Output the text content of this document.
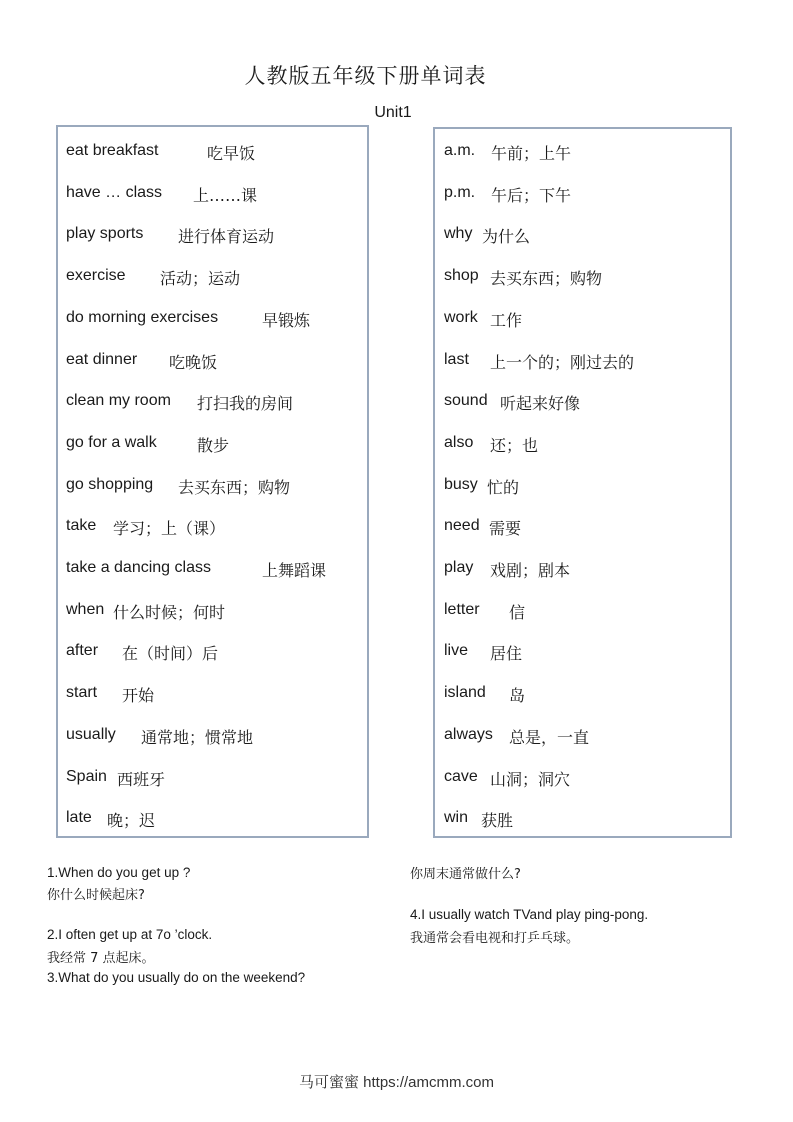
人教版五年级下册单词表
Unit1
eat breakfast	吃早饭
have … class 上……课
play sports 进行体育运动
exercise 活动；运动
do morning exercises	早锻炼
eat dinner 吃晚饭
clean my room 打扫我的房间
go for a walk	散步
go shopping 去买东西；购物
take 学习；上（课）
take a dancing class	上舞蹈课
when 什么时候；何时
after 在（时间）后
start 开始
usually 通常地；惯常地
Spain 西班牙
late 晚；迟
a.m. 午前；上午
p.m. 午后；下午
why 为什么
shop 去买东西；购物
work 工作
last 上一个的；刚过去的
sound 听起来好像
also 还；也
busy 忙的
need 需要
play 戏剧；剧本
letter 信
live 居住
island 岛
always 总是，一直
cave 山洞；洞穴
win 获胜
1.When do you get up ?
你什么时候起床?
2.I often get up at 7o ’clock.
我经常 7 点起床。
3.What do you usually do on the weekend?
你周末通常做什么?
4.I usually watch TVand play ping-pong.
我通常会看电视和打乒乓球。
马可蜜蜜 https://amcmm.com
